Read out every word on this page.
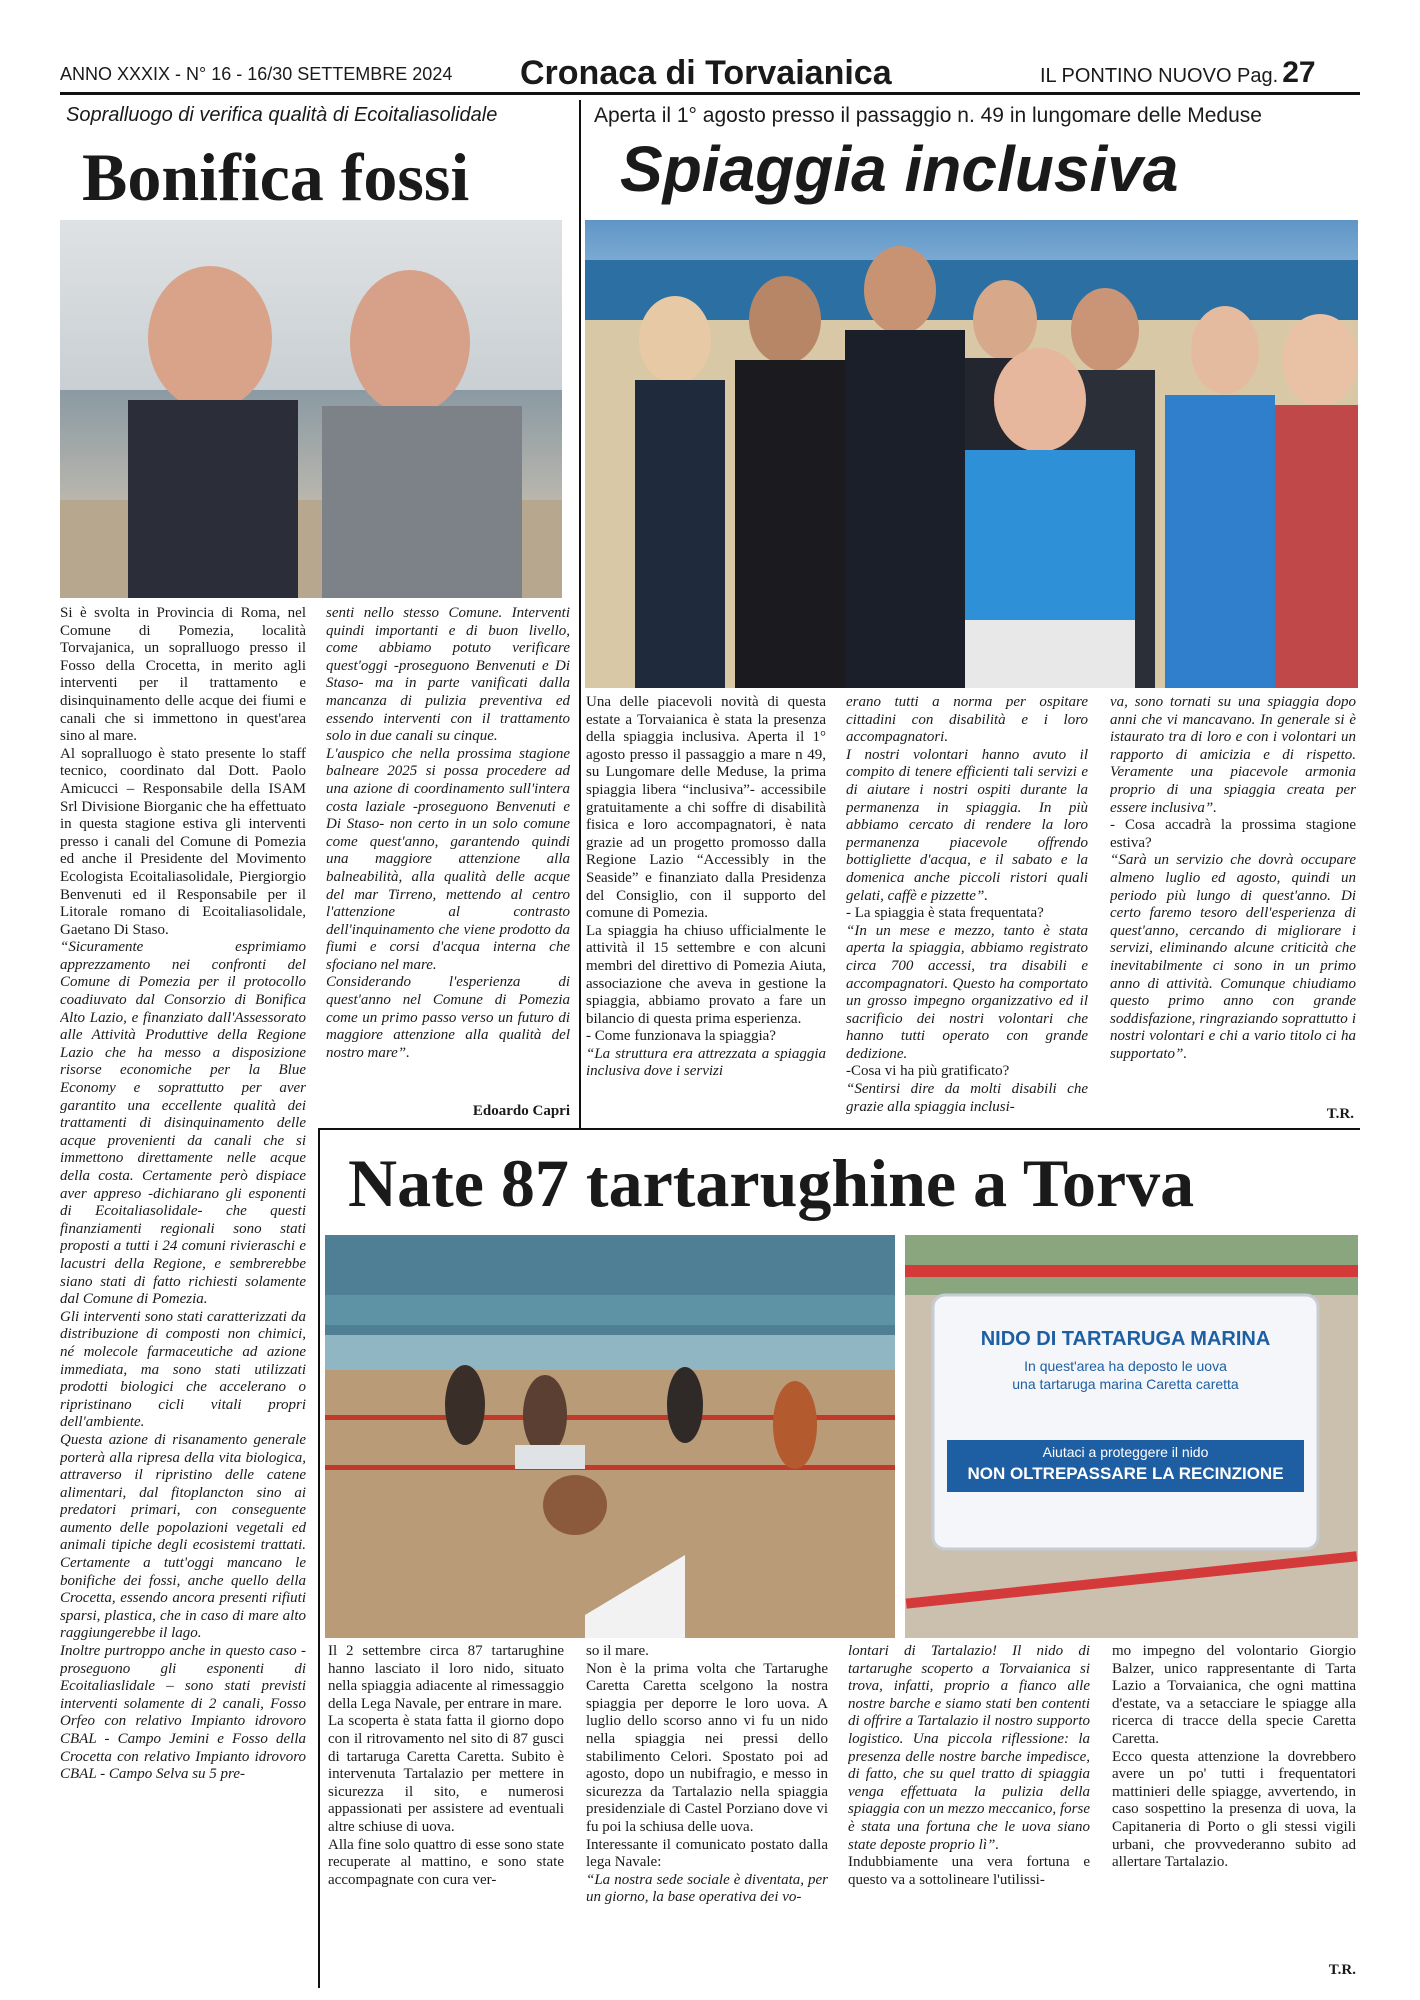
ANNO XXXIX - N° 16 - 16/30 SETTEMBRE 2024 Cronaca di Torvaianica	IL PONTINO NUOVO Pag. 27
Sopralluogo di verifica qualità di Ecoitaliasolidale
Bonifica fossi

Si è svolta in Provincia di Roma, nel Comune di Pomezia, località Torvajanica, un sopralluogo presso il Fosso della Crocetta, in merito agli interventi per il trattamento e disinquinamento delle acque dei fiumi e canali che si immettono in quest'area sino al mare.

Al sopralluogo è stato presente lo staff tecnico, coordinato dal Dott. Paolo Amicucci – Responsabile della ISAM Srl Divisione Biorganic che ha effettuato in questa stagione estiva gli interventi presso i canali del Comune di Pomezia ed anche il Presidente del Movimento Ecologista Ecoitaliasolidale, Piergiorgio Benvenuti ed il Responsabile per il Litorale romano di Ecoitaliasolidale, Gaetano Di Staso.

“Sicuramente esprimiamo apprezzamento nei confronti del Comune di Pomezia per il protocollo coadiuvato dal Consorzio di Bonifica Alto Lazio, e finanziato dall'Assessorato alle Attività Produttive della Regione Lazio che ha messo a disposizione risorse economiche per la Blue Economy e soprattutto per aver garantito una eccellente qualità dei trattamenti di disinquinamento delle acque provenienti da canali che si immettono direttamente nelle acque della costa. Certamente però dispiace aver appreso -dichiarano gli esponenti di Ecoitaliasolidale- che questi finanziamenti regionali sono stati proposti a tutti i 24 comuni rivieraschi e lacustri della Regione, e sembrerebbe siano stati di fatto richiesti solamente dal Comune di Pomezia.

Gli interventi sono stati caratterizzati da distribuzione di composti non chimici, né molecole farmaceutiche ad azione immediata, ma sono stati utilizzati prodotti biologici che accelerano o ripristinano cicli vitali propri dell'ambiente.

Questa azione di risanamento generale porterà alla ripresa della vita biologica, attraverso il ripristino delle catene alimentari, dal fitoplancton sino ai predatori primari, con conseguente aumento delle popolazioni vegetali ed animali tipiche degli ecosistemi trattati. Certamente a tutt'oggi mancano le bonifiche dei fossi, anche quello della Crocetta, essendo ancora presenti rifiuti sparsi, plastica, che in caso di mare alto raggiungerebbe il lago.

Inoltre purtroppo anche in questo caso -proseguono gli esponenti di Ecoitaliaslidale – sono stati previsti interventi solamente di 2 canali, Fosso Orfeo con relativo Impianto idrovoro CBAL - Campo Jemini e Fosso della Crocetta con relativo Impianto idrovoro CBAL - Campo Selva su 5 pre-

senti nello stesso Comune. Interventi quindi importanti e di buon livello, come abbiamo potuto verificare quest'oggi -proseguono Benvenuti e Di Staso- ma in parte vanificati dalla mancanza di pulizia preventiva ed essendo interventi con il trattamento solo in due canali su cinque.

L'auspico che nella prossima stagione balneare 2025 si possa procedere ad una azione di coordinamento sull'intera costa laziale -proseguono Benvenuti e Di Staso- non certo in un solo comune come quest'anno, garantendo quindi una maggiore attenzione alla balneabilità, alla qualità delle acque del mar Tirreno, mettendo al centro l'attenzione al contrasto dell'inquinamento che viene prodotto da fiumi e corsi d'acqua interna che sfociano nel mare.

Considerando l'esperienza di quest'anno nel Comune di Pomezia come un primo passo verso un futuro di maggiore attenzione alla qualità del nostro mare”.

Edoardo Capri
Aperta il 1° agosto presso il passaggio n. 49 in lungomare delle Meduse
Spiaggia inclusiva

Una delle piacevoli novità di questa estate a Torvaianica è stata la presenza della spiaggia inclusiva. Aperta il 1° agosto presso il passaggio a mare n 49, su Lungomare delle Meduse, la prima spiaggia libera “inclusiva”- accessibile gratuitamente a chi soffre di disabilità fisica e loro accompagnatori, è nata grazie ad un progetto promosso dalla Regione Lazio “Accessibly in the Seaside” e finanziato dalla Presidenza del Consiglio, con il supporto del comune di Pomezia.

La spiaggia ha chiuso ufficialmente le attività il 15 settembre e con alcuni membri del direttivo di Pomezia Aiuta, associazione che aveva in gestione la spiaggia, abbiamo provato a fare un bilancio di questa prima esperienza.

- Come funzionava la spiaggia?

“La struttura era attrezzata a spiaggia inclusiva dove i servizi

erano tutti a norma per ospitare cittadini con disabilità e i loro accompagnatori.

I nostri volontari hanno avuto il compito di tenere efficienti tali servizi e di aiutare i nostri ospiti durante la permanenza in spiaggia. In più abbiamo cercato di rendere la loro permanenza piacevole offrendo bottigliette d'acqua, e il sabato e la domenica anche piccoli ristori quali gelati, caffè e pizzette”.

- La spiaggia è stata frequentata?

“In un mese e mezzo, tanto è stata aperta la spiaggia, abbiamo registrato circa 700 accessi, tra disabili e accompagnatori. Questo ha comportato un grosso impegno organizzativo ed il sacrificio dei nostri volontari che hanno tutti operato con grande dedizione.

-Cosa vi ha più gratificato?

“Sentirsi dire da molti disabili che grazie alla spiaggia inclusi-

va, sono tornati su una spiaggia dopo anni che vi mancavano. In generale si è istaurato tra di loro e con i volontari un rapporto di amicizia e di rispetto. Veramente una piacevole armonia proprio di una spiaggia creata per essere inclusiva”.

- Cosa accadrà la prossima stagione estiva?

“Sarà un servizio che dovrà occupare almeno luglio ed agosto, quindi un periodo più lungo di quest'anno. Di certo faremo tesoro dell'esperienza di quest'anno, cercando di migliorare i servizi, eliminando alcune criticità che inevitabilmente ci sono in un primo anno di attività. Comunque chiudiamo questo primo anno con grande soddisfazione, ringraziando soprattutto i nostri volontari e chi a vario titolo ci ha supportato”.

T.R.
Nate 87 tartarughine a Torva
NIDO DI TARTARUGA MARINA
In quest'area ha deposto le uova
una tartaruga marina Caretta caretta
Aiutaci a proteggere il nido
NON OLTREPASSARE LA RECINZIONE

Il 2 settembre circa 87 tartarughine hanno lasciato il loro nido, situato nella spiaggia adiacente al rimessaggio della Lega Navale, per entrare in mare.

La scoperta è stata fatta il giorno dopo con il ritrovamento nel sito di 87 gusci di tartaruga Caretta Caretta. Subito è intervenuta Tartalazio per mettere in sicurezza il sito, e numerosi appassionati per assistere ad eventuali altre schiuse di uova.

Alla fine solo quattro di esse sono state recuperate al mattino, e sono state accompagnate con cura ver-

so il mare.

Non è la prima volta che Tartarughe Caretta Caretta scelgono la nostra spiaggia per deporre le loro uova. A luglio dello scorso anno vi fu un nido nella spiaggia nei pressi dello stabilimento Celori. Spostato poi ad agosto, dopo un nubifragio, e messo in sicurezza da Tartalazio nella spiaggia presidenziale di Castel Porziano dove vi fu poi la schiusa delle uova.

Interessante il comunicato postato dalla lega Navale:

“La nostra sede sociale è diventata, per un giorno, la base operativa dei vo-

lontari di Tartalazio! Il nido di tartarughe scoperto a Torvaianica si trova, infatti, proprio a fianco alle nostre barche e siamo stati ben contenti di offrire a Tartalazio il nostro supporto logistico. Una piccola riflessione: la presenza delle nostre barche impedisce, di fatto, che su quel tratto di spiaggia venga effettuata la pulizia della spiaggia con un mezzo meccanico, forse è stata una fortuna che le uova siano state deposte proprio lì”.

Indubbiamente una vera fortuna e questo va a sottolineare l'utilissi-

mo impegno del volontario Giorgio Balzer, unico rappresentante di Tarta Lazio a Torvaianica, che ogni mattina d'estate, va a setacciare le spiagge alla ricerca di tracce della specie Caretta Caretta.

Ecco questa attenzione la dovrebbero avere un po' tutti i frequentatori mattinieri delle spiagge, avvertendo, in caso sospettino la presenza di uova, la Capitaneria di Porto o gli stessi vigili urbani, che provvederanno subito ad allertare Tartalazio.

T.R.
